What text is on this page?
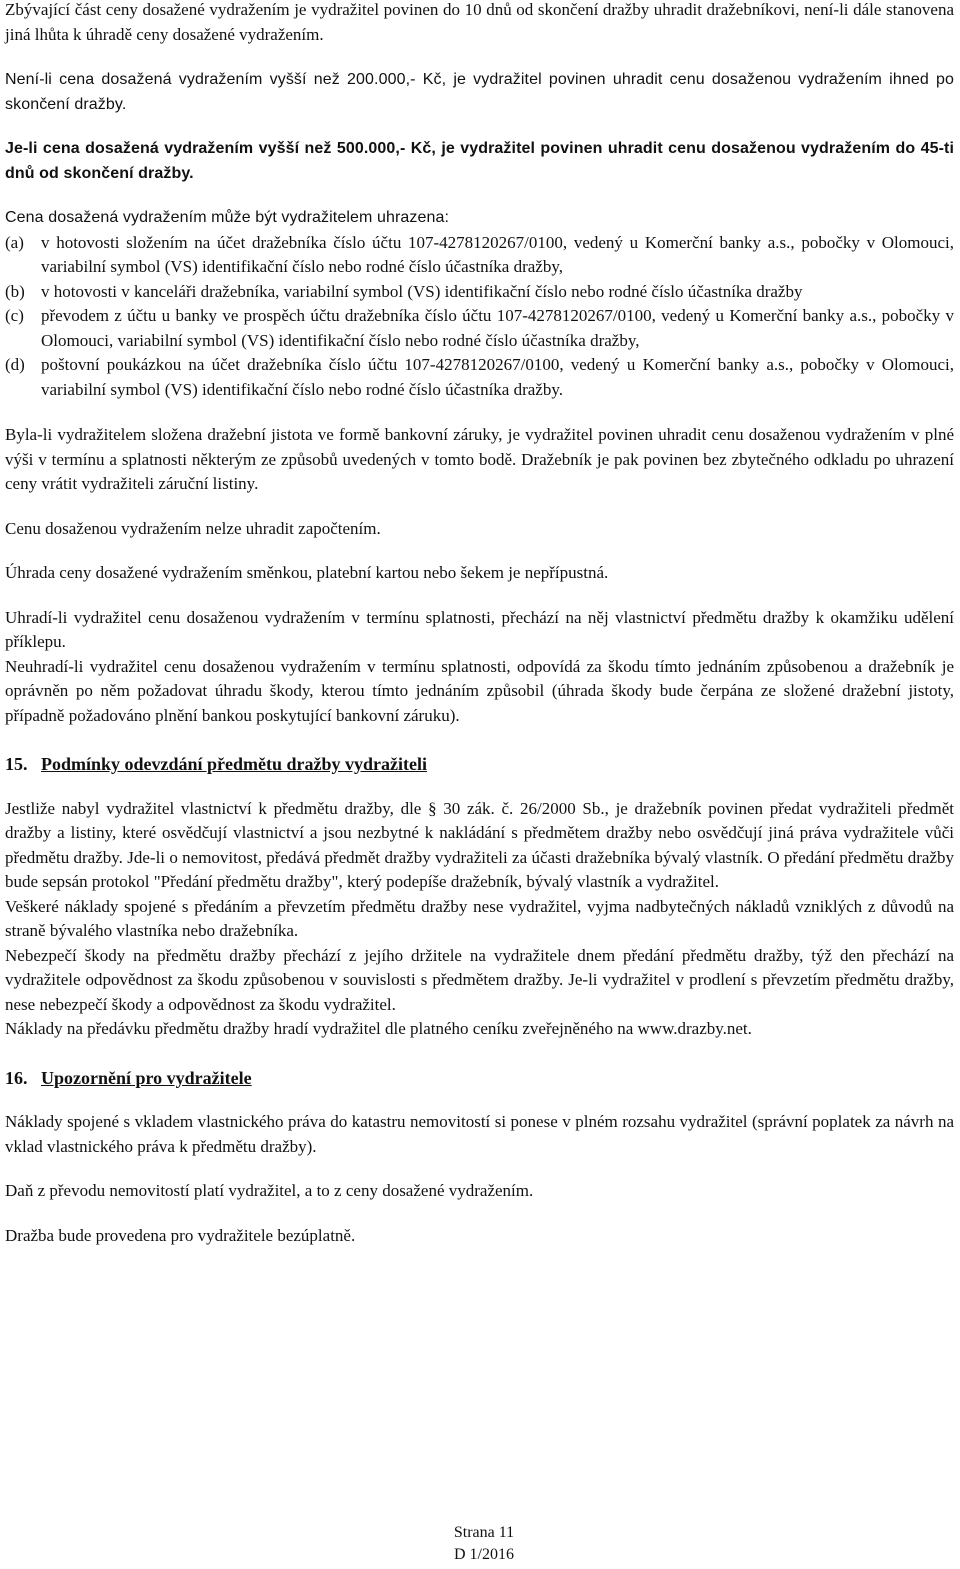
Zbývající část ceny dosažené vydražením je vydražitel povinen do 10 dnů od skončení dražby uhradit dražebníkovi, není-li dále stanovena jiná lhůta k úhradě ceny dosažené vydražením.

Není-li cena dosažená vydražením vyšší než 200.000,- Kč, je vydražitel povinen uhradit cenu dosaženou vydražením ihned po skončení dražby.

Je-li cena dosažená vydražením vyšší než 500.000,- Kč, je vydražitel povinen uhradit cenu dosaženou vydražením do 45-ti dnů od skončení dražby.

Cena dosažená vydražením může být vydražitelem uhrazena:

(a)	v hotovosti složením na účet dražebníka číslo účtu 107-4278120267/0100, vedený u Komerční banky a.s., pobočky v Olomouci, variabilní symbol (VS) identifikační číslo nebo rodné číslo účastníka dražby,
(b) v hotovosti v kanceláři dražebníka, variabilní symbol (VS) identifikační číslo nebo rodné číslo účastníka dražby
(c)	převodem z účtu u banky ve prospěch účtu dražebníka číslo účtu 107-4278120267/0100, vedený u Komerční banky a.s., pobočky v Olomouci, variabilní symbol (VS) identifikační číslo nebo rodné číslo účastníka dražby,
(d) poštovní poukázkou na účet dražebníka číslo účtu 107-4278120267/0100, vedený u Komerční banky a.s., pobočky v Olomouci, variabilní symbol (VS) identifikační číslo nebo rodné číslo účastníka dražby.

Byla-li vydražitelem složena dražební jistota ve formě bankovní záruky, je vydražitel povinen uhradit cenu dosaženou vydražením v plné výši v termínu a splatnosti některým ze způsobů uvedených v tomto bodě. Dražebník je pak povinen bez zbytečného odkladu po uhrazení ceny vrátit vydražiteli záruční listiny.

Cenu dosaženou vydražením nelze uhradit započtením.

Úhrada ceny dosažené vydražením směnkou, platební kartou nebo šekem je nepřípustná.

Uhradí-li vydražitel cenu dosaženou vydražením v termínu splatnosti, přechází na něj vlastnictví předmětu dražby k okamžiku udělení příklepu.

Neuhradí-li vydražitel cenu dosaženou vydražením v termínu splatnosti, odpovídá za škodu tímto jednáním způsobenou a dražebník je oprávněn po něm požadovat úhradu škody, kterou tímto jednáním způsobil (úhrada škody bude čerpána ze složené dražební jistoty, případně požadováno plnění bankou poskytující bankovní záruku).

15. Podmínky odevzdání předmětu dražby vydražiteli

Jestliže nabyl vydražitel vlastnictví k předmětu dražby, dle § 30 zák. č. 26/2000 Sb., je dražebník povinen předat vydražiteli předmět dražby a listiny, které osvědčují vlastnictví a jsou nezbytné k nakládání s předmětem dražby nebo osvědčují jiná práva vydražitele vůči předmětu dražby. Jde-li o nemovitost, předává předmět dražby vydražiteli za účasti dražebníka bývalý vlastník. O předání předmětu dražby bude sepsán protokol "Předání předmětu dražby", který podepíše dražebník, bývalý vlastník a vydražitel.

Veškeré náklady spojené s předáním a převzetím předmětu dražby nese vydražitel, vyjma nadbytečných nákladů vzniklých z důvodů na straně bývalého vlastníka nebo dražebníka.

Nebezpečí škody na předmětu dražby přechází z jejího držitele na vydražitele dnem předání předmětu dražby, týž den přechází na vydražitele odpovědnost za škodu způsobenou v souvislosti s předmětem dražby. Je-li vydražitel v prodlení s převzetím předmětu dražby, nese nebezpečí škody a odpovědnost za škodu vydražitel.

Náklady na předávku předmětu dražby hradí vydražitel dle platného ceníku zveřejněného na www.drazby.net.

16. Upozornění pro vydražitele

Náklady spojené s vkladem vlastnického práva do katastru nemovitostí si ponese v plném rozsahu vydražitel (správní poplatek za návrh na vklad vlastnického práva k předmětu dražby).

Daň z převodu nemovitostí platí vydražitel, a to z ceny dosažené vydražením.

Dražba bude provedena pro vydražitele bezúplatně.

Strana 11
D 1/2016
